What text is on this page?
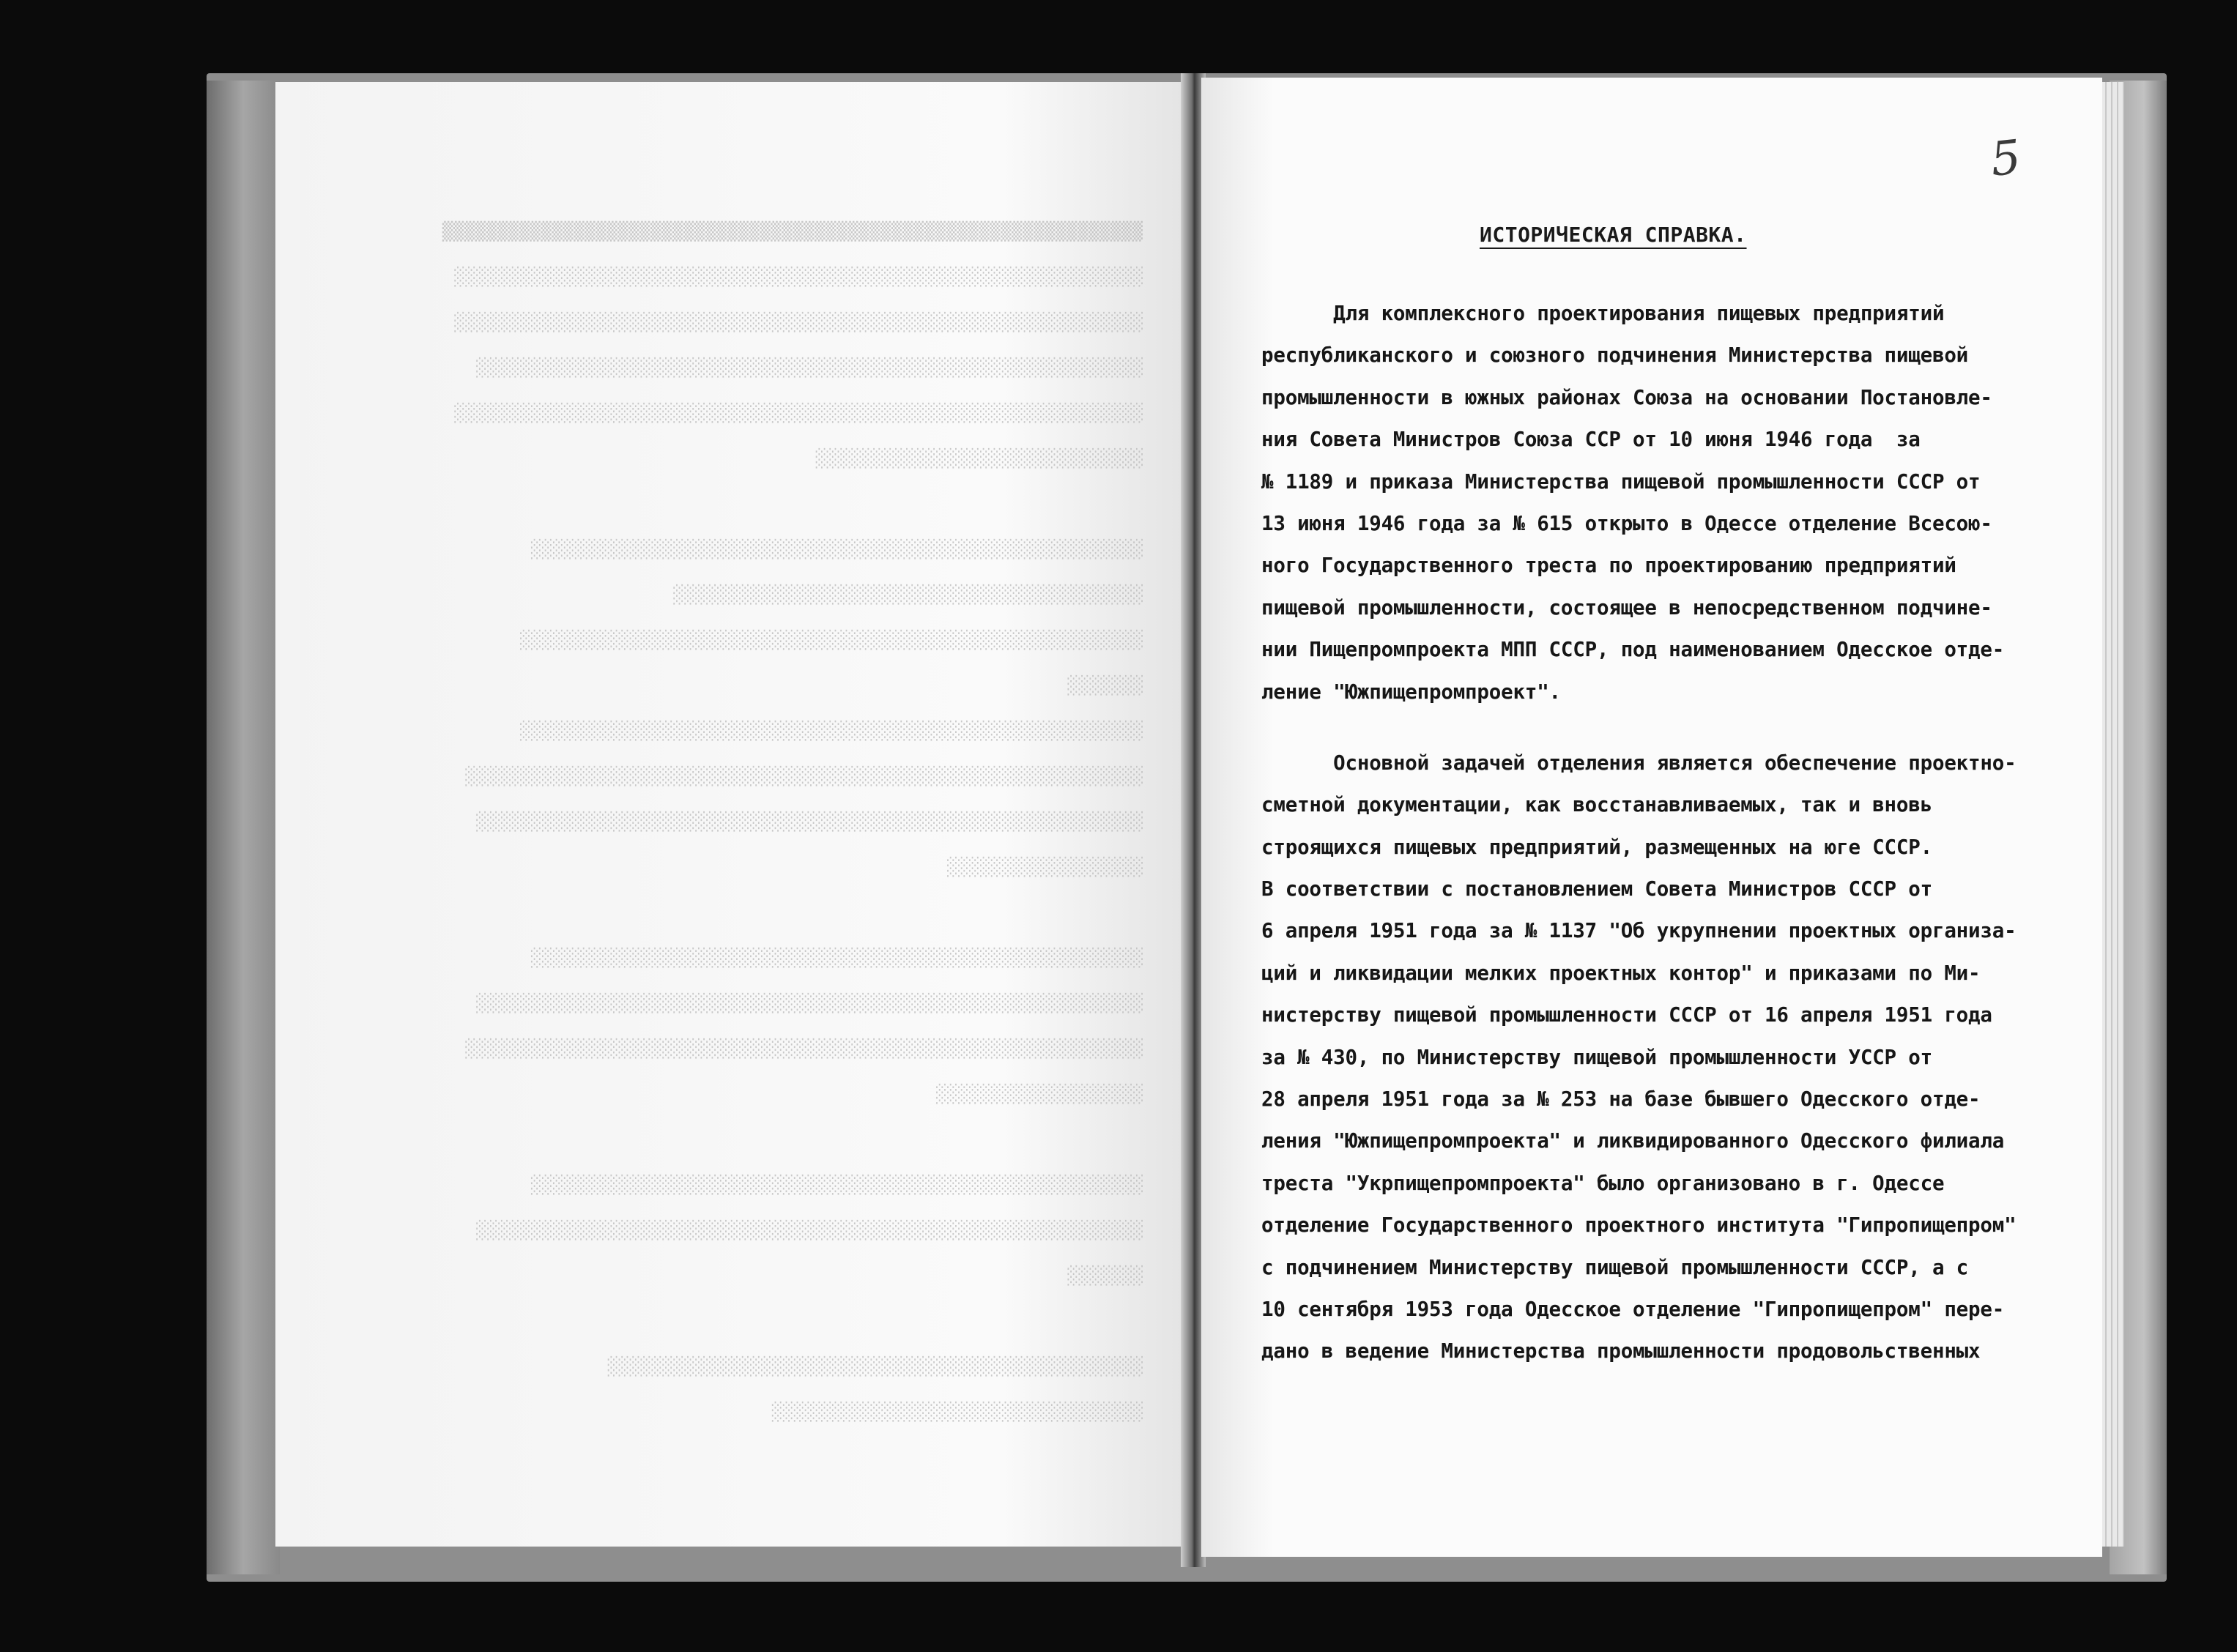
▒▒▒▒▒▒▒▒▒▒▒▒▒▒▒▒▒▒▒▒▒▒▒▒▒▒▒▒▒▒▒▒▒▒▒▒▒▒▒▒▒▒▒▒▒▒▒▒▒▒▒▒▒▒▒▒▒▒▒▒▒▒▒▒
░░░░░░░░░░░░░░░░░░░░░░░░░░░░░░░░░░░░░░░░░░░░░░░░░░░░░░░░░░░░░░░
░░░░░░░░░░░░░░░░░░░░░░░░░░░░░░░░░░░░░░░░░░░░░░░░░░░░░░░░░░░░░░░
░░░░░░░░░░░░░░░░░░░░░░░░░░░░░░░░░░░░░░░░░░░░░░░░░░░░░░░░░░░░░
░░░░░░░░░░░░░░░░░░░░░░░░░░░░░░░░░░░░░░░░░░░░░░░░░░░░░░░░░░░░░░░
░░░░░░░░░░░░░░░░░░░░░░░░░░░░░░

░░░░░░░░░░░░░░░░░░░░░░░░░░░░░░░░░░░░░░░░░░░░░░░░░░░░░░░░
░░░░░░░░░░░░░░░░░░░░░░░░░░░░░░░░░░░░░░░░░░░
░░░░░░░░░░░░░░░░░░░░░░░░░░░░░░░░░░░░░░░░░░░░░░░░░░░░░░░░░
░░░░░░░
░░░░░░░░░░░░░░░░░░░░░░░░░░░░░░░░░░░░░░░░░░░░░░░░░░░░░░░░░
░░░░░░░░░░░░░░░░░░░░░░░░░░░░░░░░░░░░░░░░░░░░░░░░░░░░░░░░░░░░░░
░░░░░░░░░░░░░░░░░░░░░░░░░░░░░░░░░░░░░░░░░░░░░░░░░░░░░░░░░░░░░
░░░░░░░░░░░░░░░░░░

░░░░░░░░░░░░░░░░░░░░░░░░░░░░░░░░░░░░░░░░░░░░░░░░░░░░░░░░
░░░░░░░░░░░░░░░░░░░░░░░░░░░░░░░░░░░░░░░░░░░░░░░░░░░░░░░░░░░░░
░░░░░░░░░░░░░░░░░░░░░░░░░░░░░░░░░░░░░░░░░░░░░░░░░░░░░░░░░░░░░░
░░░░░░░░░░░░░░░░░░░

░░░░░░░░░░░░░░░░░░░░░░░░░░░░░░░░░░░░░░░░░░░░░░░░░░░░░░░░
░░░░░░░░░░░░░░░░░░░░░░░░░░░░░░░░░░░░░░░░░░░░░░░░░░░░░░░░░░░░░
░░░░░░░

░░░░░░░░░░░░░░░░░░░░░░░░░░░░░░░░░░░░░░░░░░░░░░░░░
░░░░░░░░░░░░░░░░░░░░░░░░░░░░░░░░░░
5
ИСТОРИЧЕСКАЯ СПРАВКА.
Для комплексного проектирования пищевых предприятий
республиканского и союзного подчинения Министерства пищевой
промышленности в южных районах Союза на основании Постановле-
ния Совета Министров Союза ССР от 10 июня 1946 года  за
№ 1189 и приказа Министерства пищевой промышленности СССР от
13 июня 1946 года за № 615 открыто в Одессе отделение Всесою-
ного Государственного треста по проектированию предприятий
пищевой промышленности, состоящее в непосредственном подчине-
нии Пищепромпроекта МПП СССР, под наименованием Одесское отде-
ление "Южпищепромпроект".
Основной задачей отделения является обеспечение проектно-
сметной документации, как восстанавливаемых, так и вновь
строящихся пищевых предприятий, размещенных на юге СССР.
В соответствии с постановлением Совета Министров СССР от
6 апреля 1951 года за № 1137 "Об укрупнении проектных организа-
ций и ликвидации мелких проектных контор" и приказами по Ми-
нистерству пищевой промышленности СССР от 16 апреля 1951 года
за № 430, по Министерству пищевой промышленности УССР от
28 апреля 1951 года за № 253 на базе бывшего Одесского отде-
ления "Южпищепромпроекта" и ликвидированного Одесского филиала
треста "Укрпищепромпроекта" было организовано в г. Одессе
отделение Государственного проектного института "Гипропищепром"
с подчинением Министерству пищевой промышленности СССР, а с
10 сентября 1953 года Одесское отделение "Гипропищепром" пере-
дано в ведение Министерства промышленности продовольственных
